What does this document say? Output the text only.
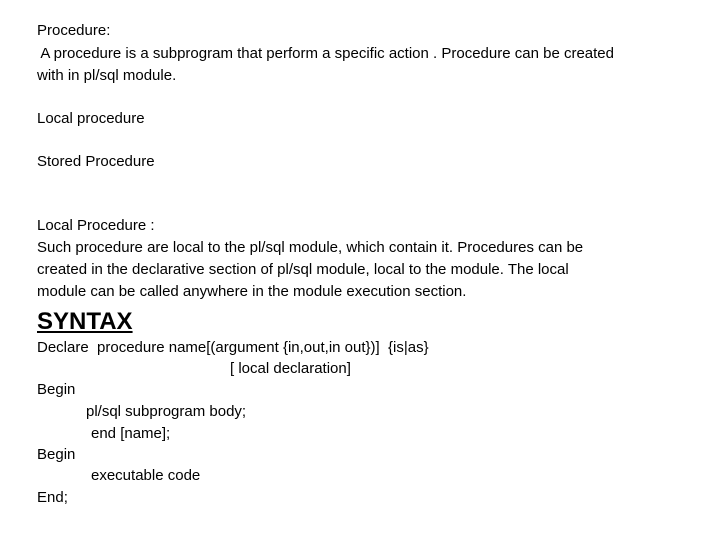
Procedure:
A procedure is a subprogram that perform a specific action . Procedure can be created
with in pl/sql module.
Local procedure
Stored Procedure
Local Procedure :
Such procedure are local to the pl/sql module, which contain it. Procedures can be
created in the declarative section of pl/sql module, local to the module. The local
module can be called anywhere in the module execution section.
SYNTAX
Declare  procedure name[(argument {in,out,in out})]  {is|as}
[ local declaration]
Begin
pl/sql subprogram body;
end [name];
Begin
executable code
End;
